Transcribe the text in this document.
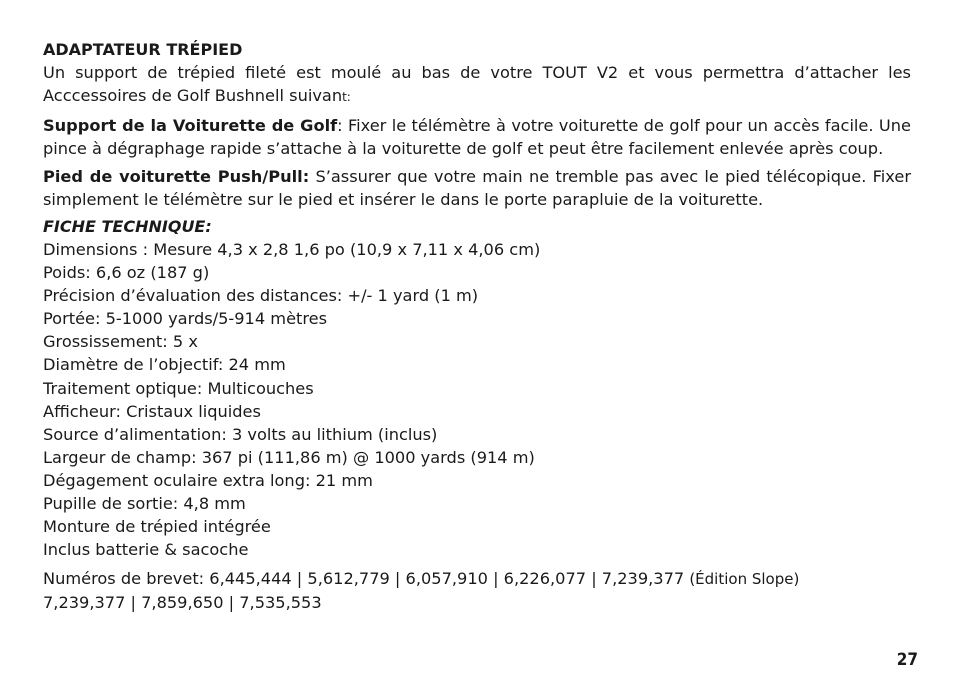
ADAPTATEUR TRÉPIED

Un support de trépied fileté est moulé au bas de votre TOUT V2 et vous permettra d’attacher les Acccessoires de Golf Bushnell suivant:

Support de la Voiturette de Golf: Fixer le télémètre à votre voiturette de golf pour un accès facile. Une pince à dégraphage rapide s’attache à la voiturette de golf et peut être facilement enlevée après coup.

Pied de voiturette Push/Pull: S’assurer que votre main ne tremble pas avec le pied télécopique. Fixer simplement le télémètre sur le pied et insérer le dans le porte parapluie de la voiturette.

FICHE TECHNIQUE:

Dimensions : Mesure 4,3 x 2,8 1,6 po (10,9 x 7,11 x 4,06 cm)

Poids: 6,6 oz (187 g)

Précision d’évaluation des distances: +/- 1 yard (1 m)

Portée: 5-1000 yards/5-914 mètres

Grossissement: 5 x

Diamètre de l’objectif: 24 mm

Traitement optique: Multicouches

Afficheur: Cristaux liquides

Source d’alimentation: 3 volts au lithium (inclus)

Largeur de champ: 367 pi (111,86 m) @ 1000 yards (914 m)

Dégagement oculaire extra long: 21 mm

Pupille de sortie: 4,8 mm

Monture de trépied intégrée

Inclus batterie & sacoche

Numéros de brevet: 6,445,444 | 5,612,779 | 6,057,910 | 6,226,077 | 7,239,377 (Édition Slope)
7,239,377 | 7,859,650 | 7,535,553

27
